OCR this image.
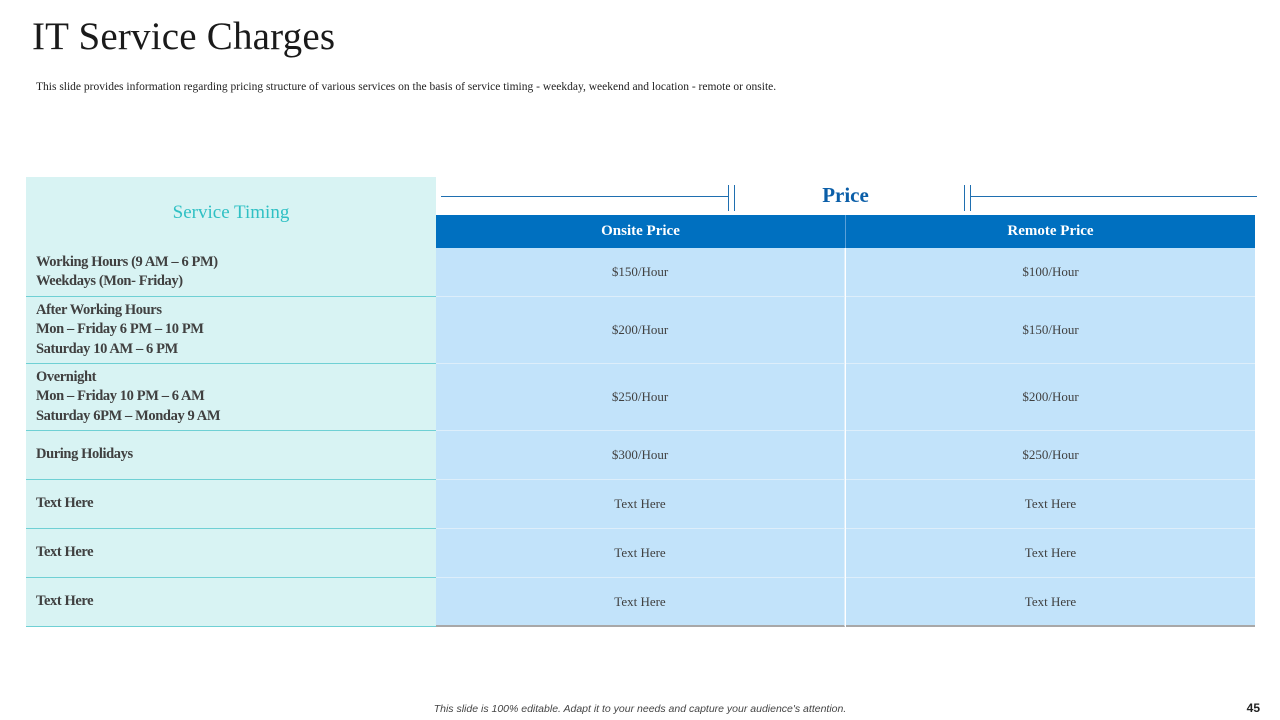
IT Service Charges
This slide provides information regarding pricing structure of various services on the basis of service timing - weekday, weekend and location - remote or onsite.
Service Timing
Price
Onsite Price	Remote Price
Working Hours (9 AM – 6 PM)
Weekdays (Mon- Friday)
$150/Hour	$100/Hour
After Working Hours
Mon – Friday 6 PM – 10 PM
Saturday 10 AM – 6 PM
$200/Hour	$150/Hour
Overnight
Mon – Friday 10 PM – 6 AM
Saturday 6PM – Monday 9 AM
$250/Hour	$200/Hour
During Holidays	$300/Hour	$250/Hour
Text Here	Text Here	Text Here
Text Here	Text Here	Text Here
Text Here	Text Here	Text Here
This slide is 100% editable. Adapt it to your needs and capture your audience's attention.	45
